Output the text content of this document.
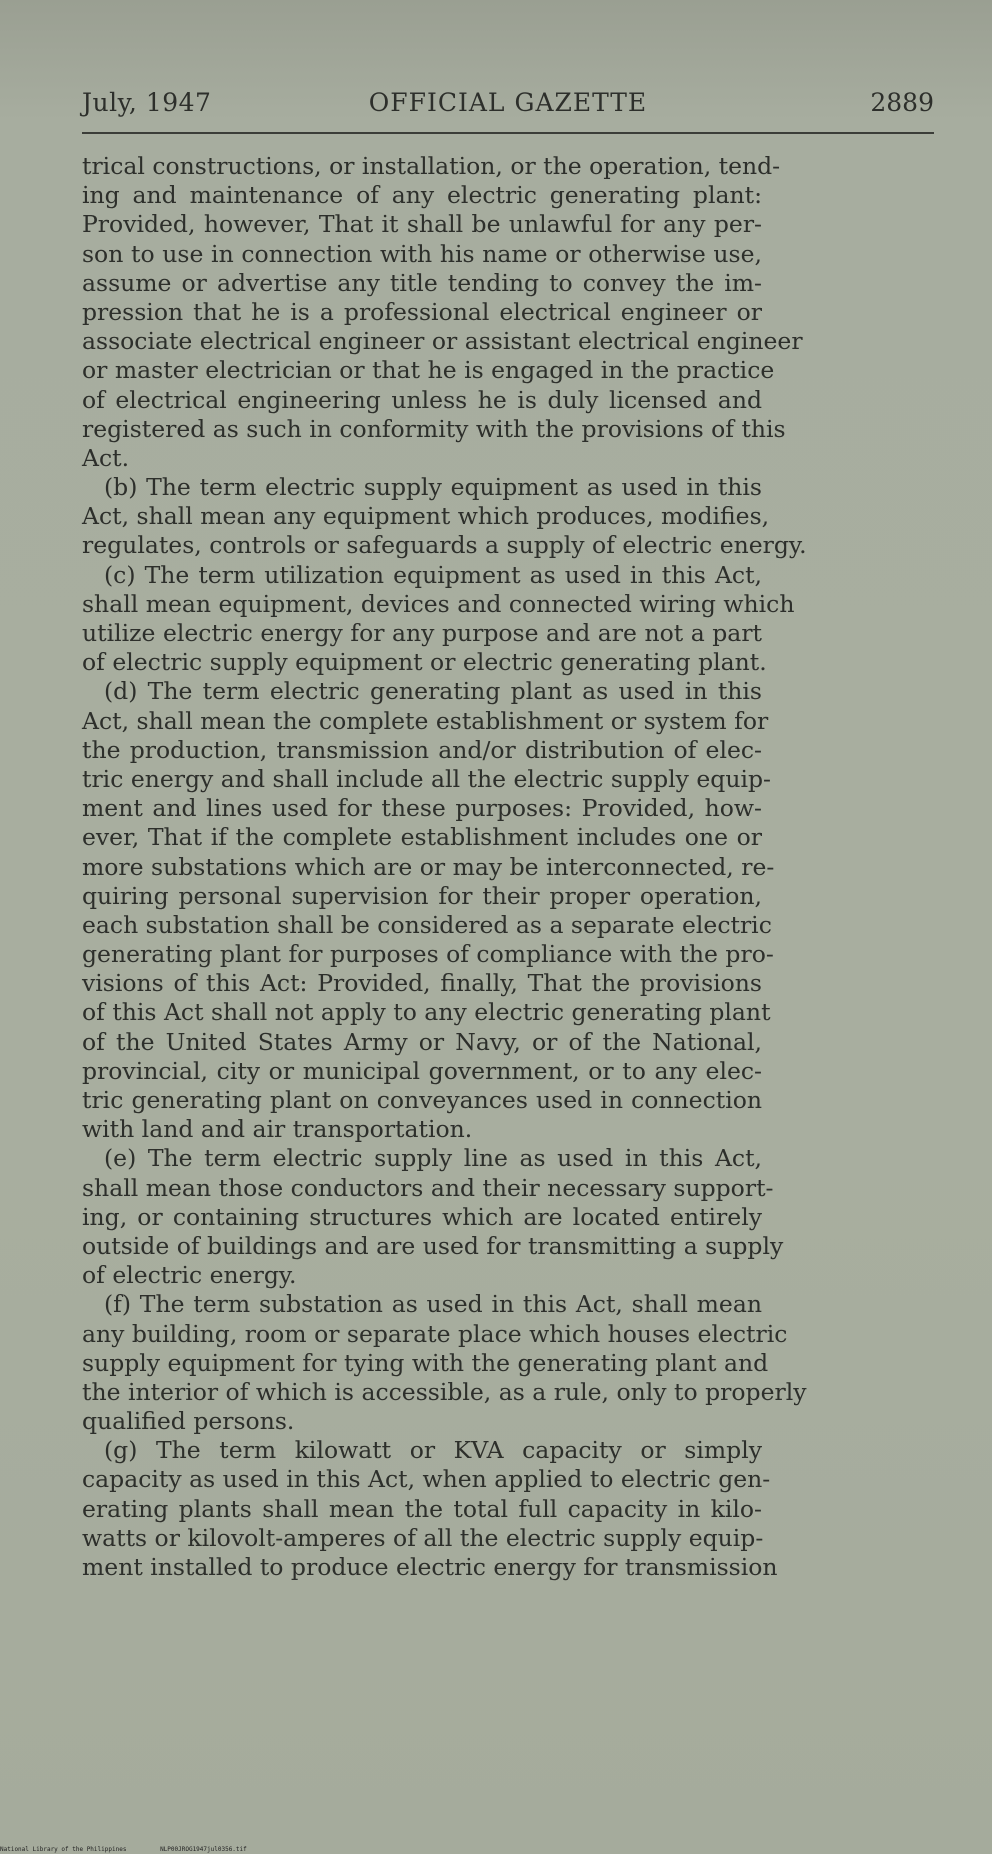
July, 1947	OFFICIAL GAZETTE	2889
trical constructions, or installation, or the operation, tend-
ing and maintenance of any electric generating plant:
Provided, however, That it shall be unlawful for any per-
son to use in connection with his name or otherwise use,
assume or advertise any title tending to convey the im-
pression that he is a professional electrical engineer or
associate electrical engineer or assistant electrical engineer
or master electrician or that he is engaged in the practice
of electrical engineering unless he is duly licensed and
registered as such in conformity with the provisions of this
Act.
(b) The term electric supply equipment as used in this
Act, shall mean any equipment which produces, modifies,
regulates, controls or safeguards a supply of electric energy.
(c) The term utilization equipment as used in this Act,
shall mean equipment, devices and connected wiring which
utilize electric energy for any purpose and are not a part
of electric supply equipment or electric generating plant.
(d) The term electric generating plant as used in this
Act, shall mean the complete establishment or system for
the production, transmission and/or distribution of elec-
tric energy and shall include all the electric supply equip-
ment and lines used for these purposes: Provided, how-
ever, That if the complete establishment includes one or
more substations which are or may be interconnected, re-
quiring personal supervision for their proper operation,
each substation shall be considered as a separate electric
generating plant for purposes of compliance with the pro-
visions of this Act: Provided, finally, That the provisions
of this Act shall not apply to any electric generating plant
of the United States Army or Navy, or of the National,
provincial, city or municipal government, or to any elec-
tric generating plant on conveyances used in connection
with land and air transportation.
(e) The term electric supply line as used in this Act,
shall mean those conductors and their necessary support-
ing, or containing structures which are located entirely
outside of buildings and are used for transmitting a supply
of electric energy.
(f) The term substation as used in this Act, shall mean
any building, room or separate place which houses electric
supply equipment for tying with the generating plant and
the interior of which is accessible, as a rule, only to properly
qualified persons.
(g) The term kilowatt or KVA capacity or simply
capacity as used in this Act, when applied to electric gen-
erating plants shall mean the total full capacity in kilo-
watts or kilovolt-amperes of all the electric supply equip-
ment installed to produce electric energy for transmission
National Library of the Philippines	NLP00JROG1947jul0356.tif
